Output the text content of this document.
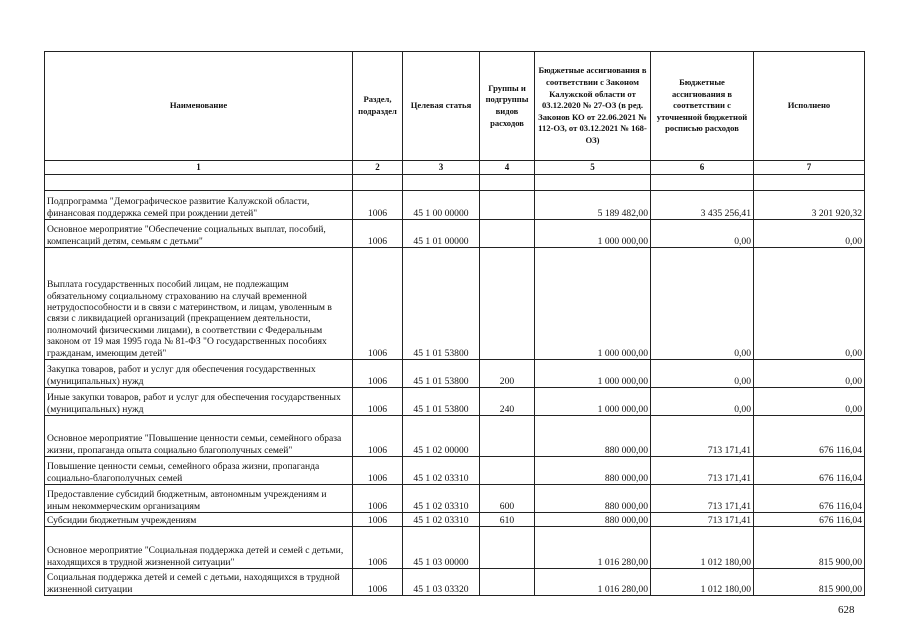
Наименование	Раздел, подраздел	Целевая статья	Группы и подгруппы видов расходов	Бюджетные ассигнования в соответствии с Законом Калужской области от 03.12.2020 № 27-ОЗ (в ред. Законов КО от 22.06.2021 № 112-ОЗ, от 03.12.2021 № 168-ОЗ)	Бюджетные ассигнования в соответствии с уточненной бюджетной росписью расходов	Исполнено
1	2	3	4	5	6	7

Подпрограмма "Демографическое развитие Калужской области, финансовая поддержка семей при рождении детей"	1006	45 1 00 00000		5 189 482,00	3 435 256,41	3 201 920,32
Основное мероприятие "Обеспечение социальных выплат, пособий, компенсаций детям, семьям с детьми"	1006	45 1 01 00000		1 000 000,00	0,00	0,00
Выплата государственных пособий лицам, не подлежащим обязательному социальному страхованию на случай временной нетрудоспособности и в связи с материнством, и лицам, уволенным в связи с ликвидацией организаций (прекращением деятельности, полномочий физическими лицами), в соответствии с Федеральным законом от 19 мая 1995 года № 81-ФЗ "О государственных пособиях гражданам, имеющим детей"	1006	45 1 01 53800		1 000 000,00	0,00	0,00
Закупка товаров, работ и услуг для обеспечения государственных (муниципальных) нужд	1006	45 1 01 53800	200	1 000 000,00	0,00	0,00
Иные закупки товаров, работ и услуг для обеспечения государственных (муниципальных) нужд	1006	45 1 01 53800	240	1 000 000,00	0,00	0,00
Основное мероприятие "Повышение ценности семьи, семейного образа жизни, пропаганда опыта социально благополучных семей"	1006	45 1 02 00000		880 000,00	713 171,41	676 116,04
Повышение ценности семьи, семейного образа жизни, пропаганда социально-благополучных семей	1006	45 1 02 03310		880 000,00	713 171,41	676 116,04
Предоставление субсидий бюджетным, автономным учреждениям и иным некоммерческим организациям	1006	45 1 02 03310	600	880 000,00	713 171,41	676 116,04
Субсидии бюджетным учреждениям	1006	45 1 02 03310	610	880 000,00	713 171,41	676 116,04
Основное мероприятие "Социальная поддержка детей и семей с детьми, находящихся в трудной жизненной ситуации"	1006	45 1 03 00000		1 016 280,00	1 012 180,00	815 900,00
Социальная поддержка детей и семей с детьми, находящихся в трудной жизненной ситуации	1006	45 1 03 03320		1 016 280,00	1 012 180,00	815 900,00
628
